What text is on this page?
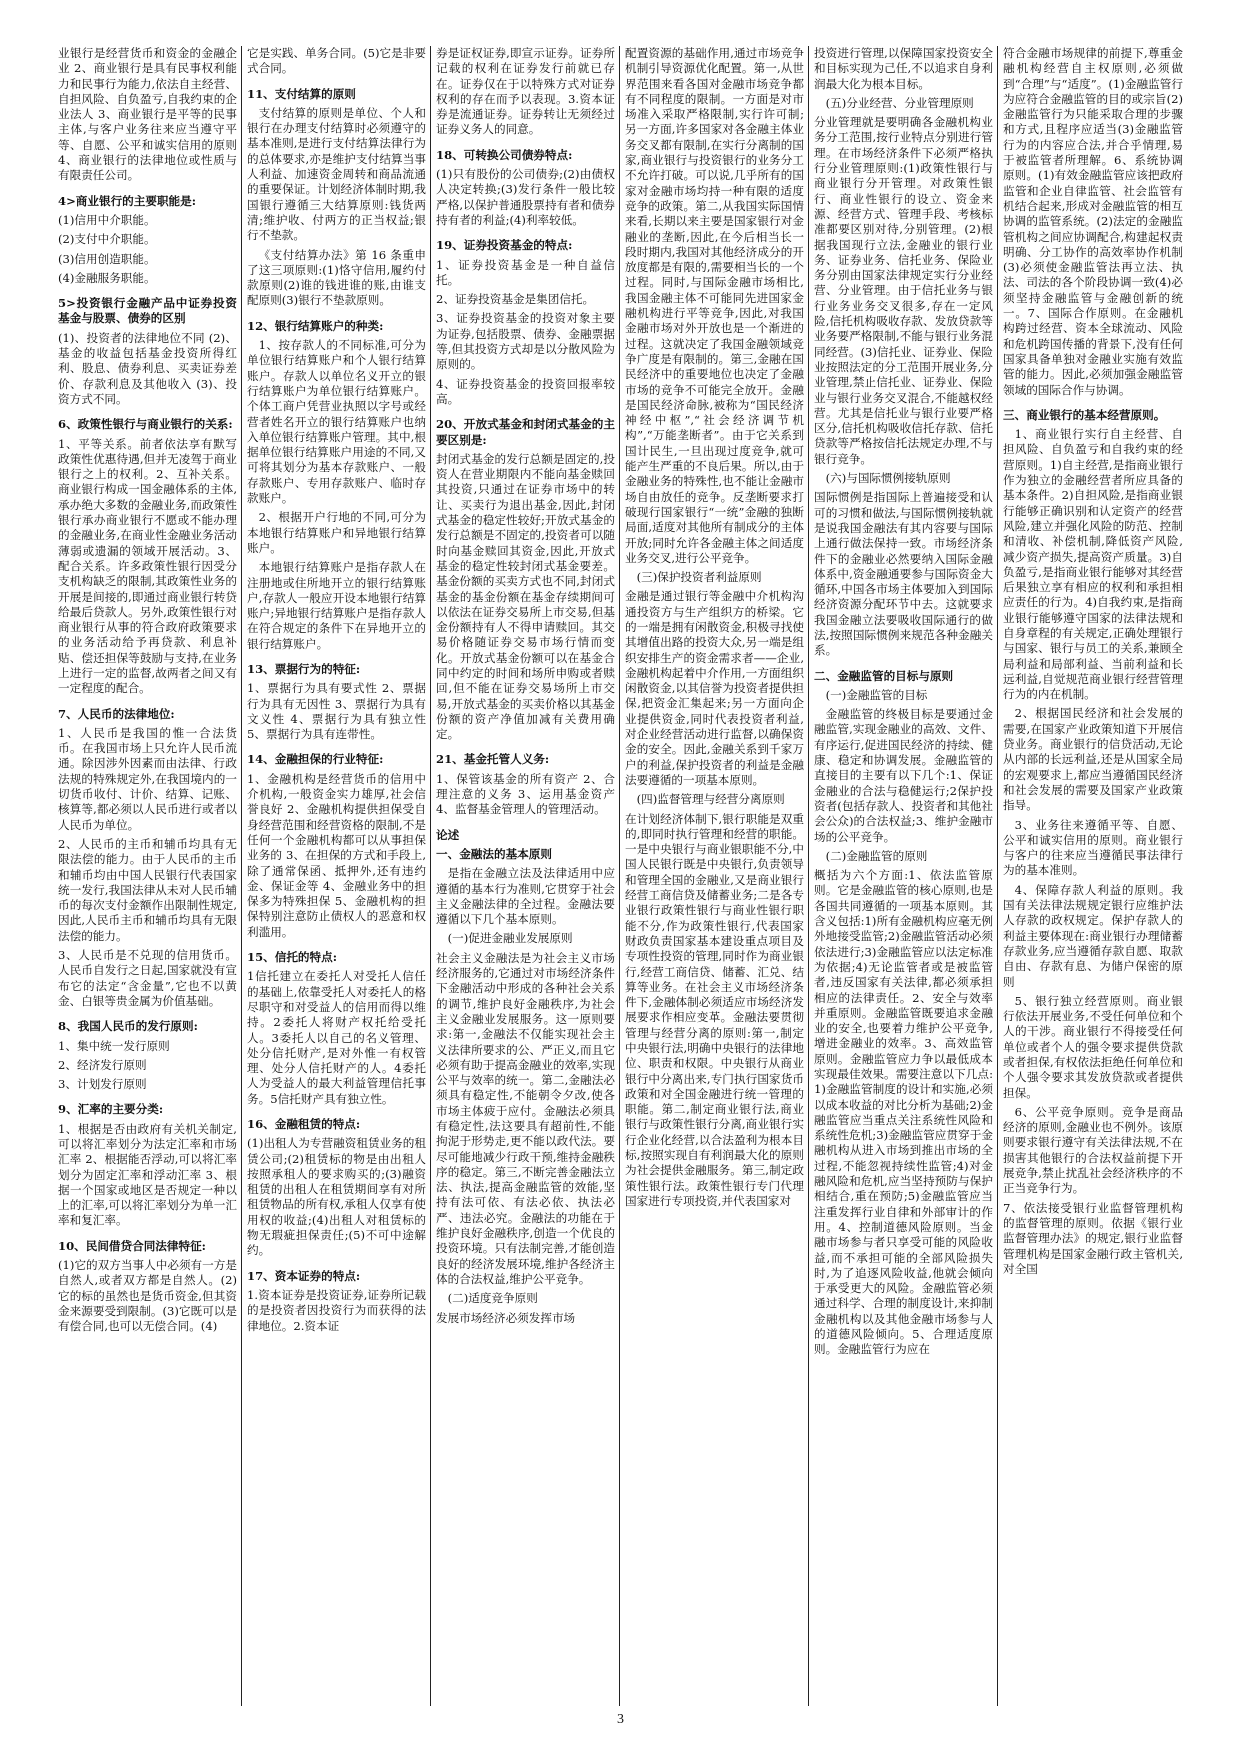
业银行是经营货币和资金的金融企业 2、商业银行是具有民事权利能力和民事行为能力,依法自主经营、自担风险、自负盈亏,自我约束的企业法人 3、商业银行是平等的民事主体,与客户业务往来应当遵守平等、自愿、公平和诚实信用的原则 4、商业银行的法律地位或性质与有限责任公司。

4>商业银行的主要职能是:

(1)信用中介职能。

(2)支付中介职能。

(3)信用创造职能。

(4)金融服务职能。

5>投资银行金融产品中证券投资基金与股票、债券的区别

(1)、投资者的法律地位不同 (2)、基金的收益包括基金投资所得红利、股息、债券利息、买卖证券差价、存款利息及其他收入 (3)、投资方式不同。

6、政策性银行与商业银行的关系:

1、平等关系。前者依法享有默写政策性优惠待遇,但并无凌驾于商业银行之上的权利。2、互补关系。商业银行构成一国金融体系的主体,承办绝大多数的金融业务,而政策性银行承办商业银行不愿或不能办理的金融业务,在商业性金融业务活动薄弱或遗漏的领域开展活动。3、配合关系。许多政策性银行因受分支机构缺乏的限制,其政策性业务的开展是间接的,即通过商业银行转贷给最后贷款人。另外,政策性银行对商业银行从事的符合政府政策要求的业务活动给予再贷款、利息补贴、偿还担保等鼓励与支持,在业务上进行一定的监督,故两者之间又有一定程度的配合。

7、人民币的法律地位:

1、人民币是我国的惟一合法货币。在我国市场上只允许人民币流通。除因涉外因素而由法律、行政法规的特殊规定外,在我国境内的一切货币收付、计价、结算、记账、核算等,都必须以人民币进行或者以人民币为单位。

2、人民币的主币和辅币均具有无限法偿的能力。由于人民币的主币和辅币均由中国人民银行代表国家统一发行,我国法律从未对人民币辅币的每次支付金额作出限制性规定,因此,人民币主币和辅币均具有无限法偿的能力。

3、人民币是不兑现的信用货币。人民币自发行之日起,国家就没有宣布它的法定“含金量”,它也不以黄金、白银等贵金属为价值基础。

8、我国人民币的发行原则:

1、集中统一发行原则

2、经济发行原则

3、计划发行原则

9、汇率的主要分类:

1、根据是否由政府有关机关制定,可以将汇率划分为法定汇率和市场汇率 2、根据能否浮动,可以将汇率划分为固定汇率和浮动汇率 3、根据一个国家或地区是否规定一种以上的汇率,可以将汇率划分为单一汇率和复汇率。

10、民间借贷合同法律特征:

(1)它的双方当事人中必须有一方是自然人,或者双方都是自然人。(2)它的标的虽然也是货币资金,但其资金来源要受到限制。(3)它既可以是有偿合同,也可以无偿合同。(4)

它是实践、单务合同。(5)它是非要式合同。

11、支付结算的原则

支付结算的原则是单位、个人和银行在办理支付结算时必须遵守的基本准则,是进行支付结算法律行为的总体要求,亦是维护支付结算当事人利益、加速资金周转和商品流通的重要保证。计划经济体制时期,我国银行遵循三大结算原则:钱货两清;维护收、付两方的正当权益;银行不垫款。

《支付结算办法》第 16 条重申了这三项原则:(1)恪守信用,履约付款原则(2)谁的钱进谁的账,由谁支配原则(3)银行不垫款原则。

12、银行结算账户的种类:

1、按存款人的不同标准,可分为单位银行结算账户和个人银行结算账户。存款人以单位名义开立的银行结算账户为单位银行结算账户。个体工商户凭营业执照以字号或经营者姓名开立的银行结算账户也纳入单位银行结算账户管理。其中,根据单位银行结算账户用途的不同,又可将其划分为基本存款账户、一般存款账户、专用存款账户、临时存款账户。

2、根据开户行地的不同,可分为本地银行结算账户和异地银行结算账户。

本地银行结算账户是指存款人在注册地或住所地开立的银行结算账户,存款人一般应开设本地银行结算账户;异地银行结算账户是指存款人在符合规定的条件下在异地开立的银行结算账户。

13、票据行为的特征:

1、票据行为具有要式性 2、票据行为具有无因性 3、票据行为具有文义性 4、票据行为具有独立性 5、票据行为具有连带性。

14、金融担保的行业特征:

1、金融机构是经营货币的信用中介机构,一般资金实力雄厚,社会信誉良好 2、金融机构提供担保受自身经营范围和经营资格的限制,不是任何一个金融机构都可以从事担保业务的 3、在担保的方式和手段上,除了通常保函、抵押外,还有违约金、保证金等 4、金融业务中的担保多为特殊担保 5、金融机构的担保特别注意防止债权人的恶意和权利滥用。

15、信托的特点:

1信托建立在委托人对受托人信任的基础上,依靠受托人对委托人的格尽职守和对受益人的信用而得以维持。2委托人将财产权托给受托人。3委托人以自己的名义管理、处分信托财产,是对外惟一有权管理、处分人信托财产的人。4委托人为受益人的最大利益管理信托事务。5信托财产具有独立性。

16、金融租赁的特点:

(1)出租人为专营融资租赁业务的租赁公司;(2)租赁标的物是由出租人按照承租人的要求购买的;(3)融资租赁的出租人在租赁期间享有对所租赁物品的所有权,承租人仅享有使用权的收益;(4)出租人对租赁标的物无瑕疵担保责任;(5)不可中途解约。

17、资本证券的特点:

1.资本证券是投资证券,证券所记载的是投资者因投资行为而获得的法律地位。2.资本证

券是证权证券,即宣示证券。证券所记载的权利在证券发行前就已存在。证券仅在于以特殊方式对证券权利的存在而予以表现。3.资本证券是流通证券。证券转让无须经过证券义务人的同意。

18、可转换公司债券特点:

(1)只有股份的公司债券;(2)由债权人决定转换;(3)发行条件一般比较严格,以保护普通股票持有者和债券持有者的利益;(4)利率较低。

19、证券投资基金的特点:

1、证券投资基金是一种自益信托。

2、证券投资基金是集团信托。

3、证券投资基金的投资对象主要为证券,包括股票、债券、金融票据等,但其投资方式却是以分散风险为原则的。

4、证券投资基金的投资回报率较高。

20、开放式基金和封闭式基金的主要区别是:

封闭式基金的发行总额是固定的,投资人在营业期限内不能向基金赎回其投资,只通过在证券市场中的转让、买卖行为退出基金,因此,封闭式基金的稳定性较好;开放式基金的发行总额是不固定的,投资者可以随时向基金赎回其资金,因此,开放式基金的稳定性较封闭式基金要差。基金份额的买卖方式也不同,封闭式基金的基金份额在基金存续期间可以依法在证券交易所上市交易,但基金份额持有人不得申请赎回。其交易价格随证券交易市场行情而变化。开放式基金份额可以在基金合同中约定的时间和场所申购或者赎回,但不能在证券交易场所上市交易,开放式基金的买卖价格以其基金份额的资产净值加减有关费用确定。

21、基金托管人义务:

1、保管该基金的所有资产 2、合理注意的义务 3、运用基金资产 4、监督基金管理人的管理活动。

论述

一、金融法的基本原则

是指在金融立法及法律适用中应遵循的基本行为准则,它贯穿于社会主义金融法律的全过程。金融法要遵循以下几个基本原则。

(一)促进金融业发展原则

社会主义金融法是为社会主义市场经济服务的,它通过对市场经济条件下金融活动中形成的各种社会关系的调节,维护良好金融秩序,为社会主义金融业发展服务。这一原则要求:第一,金融法不仅能实现社会主义法律所要求的公、严正义,而且它必须有助于提高金融业的效率,实现公平与效率的统一。第二,金融法必须具有稳定性,不能朝令夕改,使各市场主体疲于应付。金融法必须具有稳定性,法这要具有超前性,不能拘泥于形势走,更不能以政代法。要尽可能地减少行政干预,维持金融秩序的稳定。第三,不断完善金融法立法、执法,提高金融监管的效能,坚持有法可依、有法必依、执法必严、违法必究。金融法的功能在于维护良好金融秩序,创造一个优良的投资环境。只有法制完善,才能创造良好的经济发展环境,维护各经济主体的合法权益,维护公平竞争。

(二)适度竞争原则

发展市场经济必须发挥市场

配置资源的基础作用,通过市场竞争机制引导资源优化配置。第一,从世界范围来看各国对金融市场竞争都有不同程度的限制。一方面是对市场准入采取严格限制,实行许可制;另一方面,许多国家对各金融主体业务交叉都有限制,在实行分离制的国家,商业银行与投资银行的业务分工不允许打破。可以说,几乎所有的国家对金融市场均持一种有限的适度竞争的政策。第二,从我国实际国情来看,长期以来主要是国家银行对金融业的垄断,因此,在今后相当长一段时期内,我国对其他经济成分的开放度都是有限的,需要相当长的一个过程。同时,与国际金融市场相比,我国金融主体不可能同先进国家金融机构进行平等竞争,因此,对我国金融市场对外开放也是一个渐进的过程。这就决定了我国金融领域竞争广度是有限制的。第三,金融在国民经济中的重要地位也决定了金融市场的竞争不可能完全放开。金融是国民经济命脉,被称为“国民经济神经中枢”,“社会经济调节机构”,“万能垄断者”。由于它关系到国计民生,一旦出现过度竞争,就可能产生严重的不良后果。所以,由于金融业务的特殊性,也不能让金融市场自由放任的竞争。反垄断要求打破现行国家银行“一统”金融的独断局面,适度对其他所有制成分的主体开放;同时允许各金融主体之间适度业务交叉,进行公平竞争。

(三)保护投资者利益原则

金融是通过银行等金融中介机构沟通投资方与生产组织方的桥梁。它的一端是拥有闲散资金,积极寻找使其增值出路的投资大众,另一端是组织安排生产的资金需求者——企业,金融机构起着中介作用,一方面组织闲散资金,以其信誉为投资者提供担保,把资金汇集起来;另一方面向企业提供资金,同时代表投资者利益,对企业经营活动进行监督,以确保资金的安全。因此,金融关系到千家万户的利益,保护投资者的利益是金融法要遵循的一项基本原则。

(四)监督管理与经营分离原则

在计划经济体制下,银行职能是双重的,即同时执行管理和经营的职能。一是中央银行与商业银职能不分,中国人民银行既是中央银行,负责领导和管理全国的金融业,又是商业银行经营工商信贷及储蓄业务;二是各专业银行政策性银行与商业性银行职能不分,作为政策性银行,代表国家财政负责国家基本建设重点项目及专项性投资的管理,同时作为商业银行,经营工商信贷、储蓄、汇兑、结算等业务。在社会主义市场经济条件下,金融体制必须适应市场经济发展要求作相应变革。金融法要贯彻管理与经营分离的原则:第一,制定中央银行法,明确中央银行的法律地位、职责和权限。中央银行从商业银行中分离出来,专门执行国家货币政策和对全国金融进行统一管理的职能。第二,制定商业银行法,商业银行与政策性银行分离,商业银行实行企业化经营,以合法盈利为根本目标,按照实现自有利润最大化的原则为社会提供金融服务。第三,制定政策性银行法。政策性银行专门代理国家进行专项投资,并代表国家对

投资进行管理,以保障国家投资安全和目标实现为己任,不以追求自身利润最大化为根本目标。

(五)分业经营、分业管理原则

分业管理就是要明确各金融机构业务分工范围,按行业特点分别进行管理。在市场经济条件下必须严格执行分业管理原则:(1)政策性银行与商业银行分开管理。对政策性银行、商业性银行的设立、资金来源、经营方式、管理手段、考核标准都要区别对待,分别管理。(2)根据我国现行立法,金融业的银行业务、证券业务、信托业务、保险业务分别由国家法律规定实行分业经营、分业管理。由于信托业务与银行业务业务交叉很多,存在一定风险,信托机构吸收存款、发放贷款等业务要严格限制,不能与银行业务混同经营。(3)信托业、证券业、保险业按照法定的分工范围开展业务,分业管理,禁止信托业、证券业、保险业与银行业务交叉混合,不能越权经营。尤其是信托业与银行业要严格区分,信托机构吸收信托存款、信托贷款等严格按信托法规定办理,不与银行竞争。

(六)与国际惯例接轨原则

国际惯例是指国际上普遍接受和认可的习惯和做法,与国际惯例接轨就是说我国金融法有其内容要与国际上通行做法保持一致。市场经济条件下的金融业必然要纳入国际金融体系中,资金融通要参与国际资金大循环,中国各市场主体要加入到国际经济资源分配环节中去。这就要求我国金融立法要吸收国际通行的做法,按照国际惯例来规范各种金融关系。

二、金融监管的目标与原则

(一)金融监管的目标

金融监管的终极目标是要通过金融监管,实现金融业的高效、文件、有序运行,促进国民经济的持续、健康、稳定和协调发展。金融监管的直接目的主要有以下几个:1、保证金融业的合法与稳健运行;2保护投资者(包括存款人、投资者和其他社会公众)的合法权益;3、维护金融市场的公平竞争。

(二)金融监管的原则

概括为六个方面:1、依法监管原则。它是金融监管的核心原则,也是各国共同遵循的一项基本原则。其含义包括:1)所有金融机构应毫无例外地接受监管;2)金融监管活动必须依法进行;3)金融监管应以法定标准为依据;4)无论监管者或是被监管者,违反国家有关法律,都必须承担相应的法律责任。2、安全与效率并重原则。金融监管既要追求金融业的安全,也要着力维护公平竞争,增进金融业的效率。3、高效监管原则。金融监管应力争以最低成本实现最佳效果。需要注意以下几点:1)金融监管制度的设计和实施,必须以成本收益的对比分析为基础;2)金融监管应当重点关注系统性风险和系统性危机;3)金融监管应贯穿于金融机构从进入市场到推出市场的全过程,不能忽视持续性监管;4)对金融风险和危机,应当坚持预防与保护相结合,重在预防;5)金融监管应当注重发挥行业自律和外部审计的作用。4、控制道德风险原则。当金融市场参与者只享受可能的风险收益,而不承担可能的全部风险损失时,为了追逐风险收益,他就会倾向于承受更大的风险。金融监管必须通过科学、合理的制度设计,来抑制金融机构以及其他金融市场参与人的道德风险倾向。5、合理适度原则。金融监管行为应在

符合金融市场规律的前提下,尊重金融机构经营自主权原则,必须做到“合理”与“适度”。(1)金融监管行为应符合金融监管的目的或宗旨(2)金融监管行为只能采取合理的步骤和方式,且程序应适当(3)金融监管行为的内容应合法,并合乎情理,易于被监管者所理解。6、系统协调原则。(1)有效金融监管应该把政府监管和企业自律监管、社会监管有机结合起来,形成对金融监管的相互协调的监管系统。(2)法定的金融监管机构之间应协调配合,构建起权责明确、分工协作的高效率协作机制(3)必须使金融监管法再立法、执法、司法的各个阶段协调一致(4)必须坚持金融监管与金融创新的统一。7、国际合作原则。在金融机构跨过经营、资本全球流动、风险和危机跨国传播的背景下,没有任何国家具备单独对金融业实施有效监管的能力。因此,必须加强金融监管领域的国际合作与协调。

三、商业银行的基本经营原则。

1、商业银行实行自主经营、自担风险、自负盈亏和自我约束的经营原则。1)自主经营,是指商业银行作为独立的金融经营者所应具备的基本条件。2)自担风险,是指商业银行能够正确识别和认定资产的经营风险,建立并强化风险的防范、控制和清收、补偿机制,降低资产风险,减少资产损失,提高资产质量。3)自负盈亏,是指商业银行能够对其经营后果独立享有相应的权利和承担相应责任的行为。4)自我约束,是指商业银行能够遵守国家的法律法规和自身章程的有关规定,正确处理银行与国家、银行与员工的关系,兼顾全局利益和局部利益、当前利益和长远利益,自觉规范商业银行经营管理行为的内在机制。

2、根据国民经济和社会发展的需要,在国家产业政策知道下开展信贷业务。商业银行的信贷活动,无论从内部的长远利益,还是从国家全局的宏观要求上,都应当遵循国民经济和社会发展的需要及国家产业政策指导。

3、业务往来遵循平等、自愿、公平和诚实信用的原则。商业银行与客户的往来应当遵循民事法律行为的基本准则。

4、保障存款人利益的原则。我国有关法律法规规定银行应维护法人存款的政权规定。保护存款人的利益主要体现在:商业银行办理储蓄存款业务,应当遵循存款自愿、取款自由、存款有息、为储户保密的原则

5、银行独立经营原则。商业银行依法开展业务,不受任何单位和个人的干涉。商业银行不得接受任何单位或者个人的强令要求提供贷款或者担保,有权依法拒绝任何单位和个人强令要求其发放贷款或者提供担保。

6、公平竞争原则。竞争是商品经济的原则,金融业也不例外。该原则要求银行遵守有关法律法规,不在损害其他银行的合法权益前提下开展竞争,禁止扰乱社会经济秩序的不正当竞争行为。

7、依法接受银行业监督管理机构的监督管理的原则。依据《银行业监督管理办法》的规定,银行业监督管理机构是国家金融行政主管机关,对全国

3
